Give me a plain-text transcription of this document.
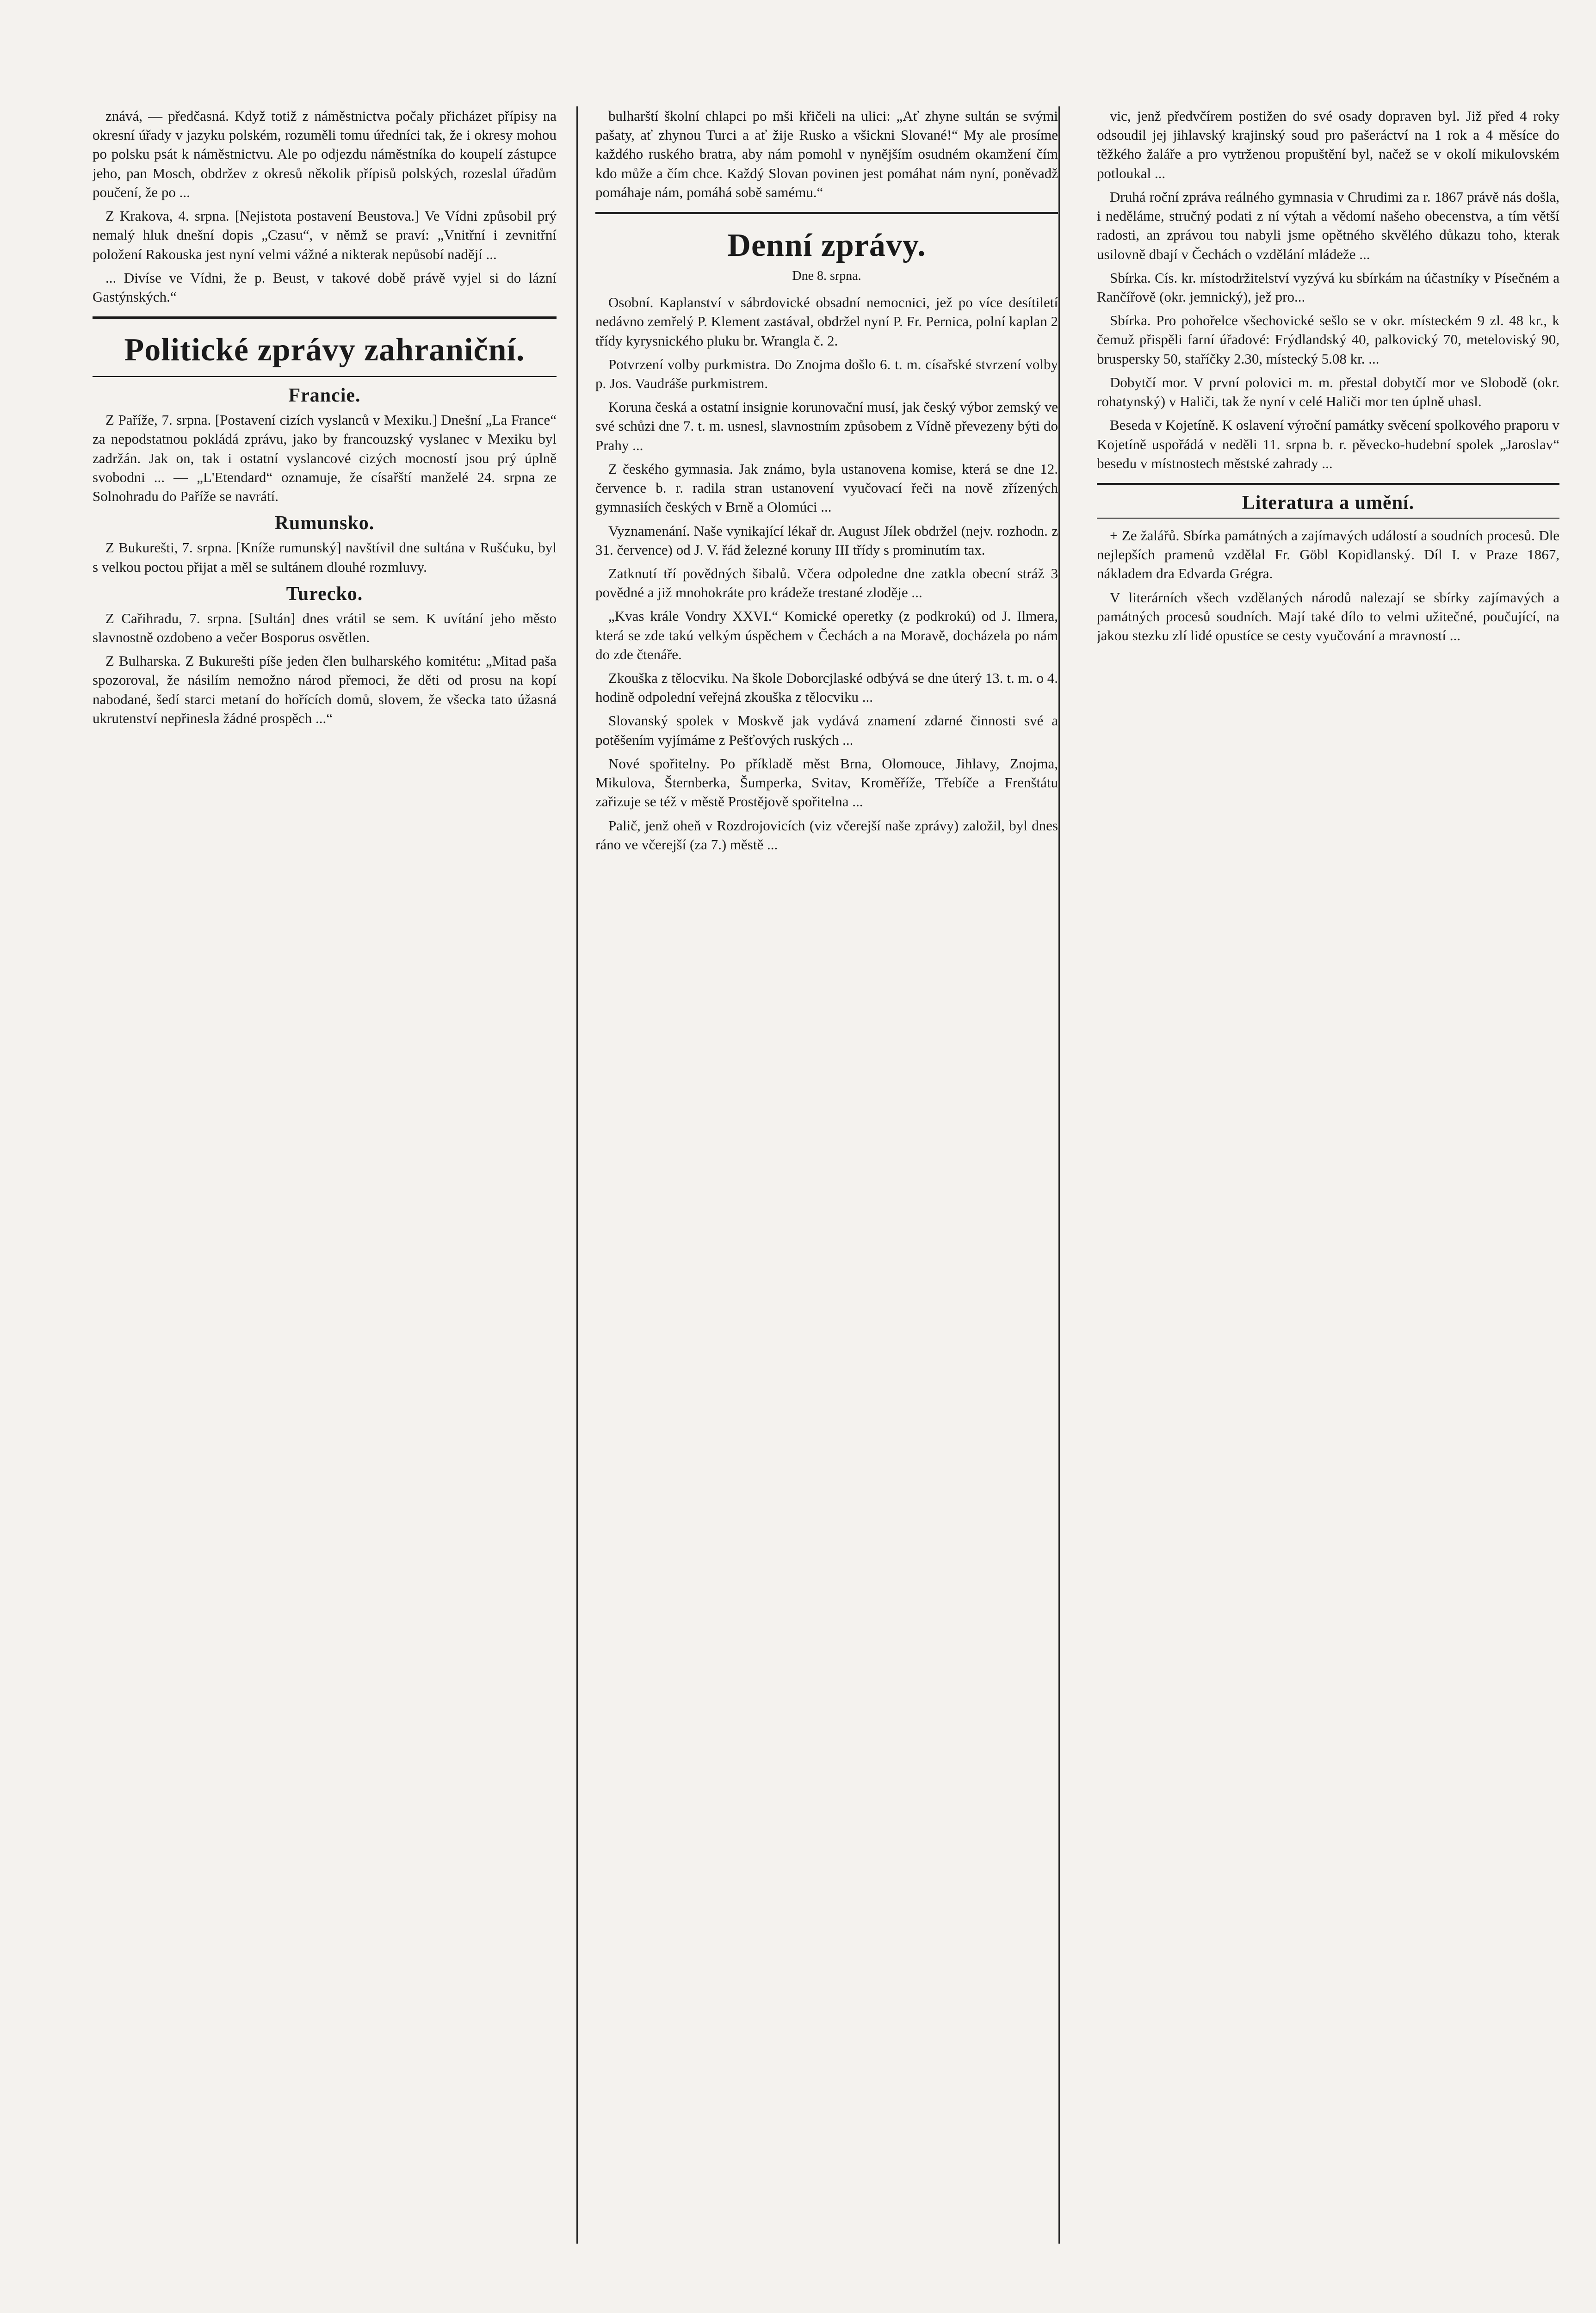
znává, — předčasná. Když totiž z náměstnictva počaly přicházet přípisy na okresní úřady v jazyku polském, rozuměli tomu úředníci tak, že i okresy mohou po polsku psát k náměstnictvu. Ale po odjezdu náměstníka do koupelí zástupce jeho, pan Mosch, obdržev z okresů několik přípisů polských, rozeslal úřadům poučení, že po ...

Z Krakova, 4. srpna. [Nejistota postavení Beustova.] Ve Vídni způsobil prý nemalý hluk dnešní dopis „Czasu“, v němž se praví: „Vnitřní i zevnitřní položení Rakouska jest nyní velmi vážné a nikterak nepůsobí nadějí ...

... Divíse ve Vídni, že p. Beust, v takové době právě vyjel si do lázní Gastýnských.“

Politické zprávy zahraniční.
Francie.

Z Paříže, 7. srpna. [Postavení cizích vyslanců v Mexiku.] Dnešní „La France“ za nepodstatnou pokládá zprávu, jako by francouzský vyslanec v Mexiku byl zadržán. Jak on, tak i ostatní vyslancové cizých mocností jsou prý úplně svobodni ... — „L'Etendard“ oznamuje, že císařští manželé 24. srpna ze Solnohradu do Paříže se navrátí.

Rumunsko.

Z Bukurešti, 7. srpna. [Kníže rumunský] navštívil dne sultána v Rušćuku, byl s velkou poctou přijat a měl se sultánem dlouhé rozmluvy.

Turecko.

Z Cařihradu, 7. srpna. [Sultán] dnes vrátil se sem. K uvítání jeho město slavnostně ozdobeno a večer Bosporus osvětlen.

Z Bulharska. Z Bukurešti píše jeden člen bulharského komitétu: „Mitad paša spozoroval, že násilím nemožno národ přemoci, že děti od prosu na kopí nabodané, šedí starci metaní do hořících domů, slovem, že všecka tato úžasná ukrutenství nepřinesla žádné prospěch ...“

bulharští školní chlapci po mši křičeli na ulici: „Ať zhyne sultán se svými pašaty, ať zhynou Turci a ať žije Rusko a všickni Slované!“ My ale prosíme každého ruského bratra, aby nám pomohl v nynějším osudném okamžení čím kdo může a čím chce. Každý Slovan povinen jest pomáhat nám nyní, poněvadž pomáhaje nám, pomáhá sobě samému.“

Denní zprávy.
Dne 8. srpna.

Osobní. Kaplanství v sábrdovické obsadní nemocnici, jež po více desítiletí nedávno zemřelý P. Klement zastával, obdržel nyní P. Fr. Pernica, polní kaplan 2 třídy kyrysnického pluku br. Wrangla č. 2.

Potvrzení volby purkmistra. Do Znojma došlo 6. t. m. císařské stvrzení volby p. Jos. Vaudráše purkmistrem.

Koruna česká a ostatní insignie korunovační musí, jak český výbor zemský ve své schůzi dne 7. t. m. usnesl, slavnostním způsobem z Vídně převezeny býti do Prahy ...

Z českého gymnasia. Jak známo, byla ustanovena komise, která se dne 12. července b. r. radila stran ustanovení vyučovací řeči na nově zřízených gymnasiích českých v Brně a Olomúci ...

Vyznamenání. Naše vynikající lékař dr. August Jílek obdržel (nejv. rozhodn. z 31. července) od J. V. řád železné koruny III třídy s prominutím tax.

Zatknutí tří povědných šibalů. Včera odpoledne dne zatkla obecní stráž 3 povědné a již mnohokráte pro krádeže trestané zloděje ...

„Kvas krále Vondry XXVI.“ Komické operetky (z podkrokú) od J. Ilmera, která se zde takú velkým úspěchem v Čechách a na Moravě, docházela po nám do zde čtenáře.

Zkouška z tělocviku. Na škole Doborcjlaské odbývá se dne úterý 13. t. m. o 4. hodině odpolední veřejná zkouška z tělocviku ...

Slovanský spolek v Moskvě jak vydává znamení zdarné činnosti své a potěšením vyjímáme z Pešťových ruských ...

Nové spořitelny. Po příkladě měst Brna, Olomouce, Jihlavy, Znojma, Mikulova, Šternberka, Šumperka, Svitav, Kroměříže, Třebíče a Frenštátu zařizuje se též v městě Prostějově spořitelna ...

Palič, jenž oheň v Rozdrojovicích (viz včerejší naše zprávy) založil, byl dnes ráno ve včerejší (za 7.) městě ...

vic, jenž předvčírem postižen do své osady dopraven byl. Již před 4 roky odsoudil jej jihlavský krajinský soud pro pašeráctví na 1 rok a 4 měsíce do těžkého žaláře a pro vytrženou propuštění byl, načež se v okolí mikulovském potloukal ...

Druhá roční zpráva reálného gymnasia v Chrudimi za r. 1867 právě nás došla, i neděláme, stručný podati z ní výtah a vědomí našeho obecenstva, a tím větší radosti, an zprávou tou nabyli jsme opětného skvělého důkazu toho, kterak usilovně dbají v Čechách o vzdělání mládeže ...

Sbírka. Cís. kr. místodržitelství vyzývá ku sbírkám na účastníky v Písečném a Rančířově (okr. jemnický), jež pro...

Sbírka. Pro pohořelce všechovické sešlo se v okr. místeckém 9 zl. 48 kr., k čemuž přispěli farní úřadové: Frýdlandský 40, palkovický 70, meteloviský 90, bruspersky 50, staříčky 2.30, místecký 5.08 kr. ...

Dobytčí mor. V první polovici m. m. přestal dobytčí mor ve Slobodě (okr. rohatynský) v Haliči, tak že nyní v celé Haliči mor ten úplně uhasl.

Beseda v Kojetíně. K oslavení výroční památky svěcení spolkového praporu v Kojetíně uspořádá v neděli 11. srpna b. r. pěvecko-hudební spolek „Jaroslav“ besedu v místnostech městské zahrady ...

Literatura a umění.

+ Ze žalářů. Sbírka památných a zajímavých událostí a soudních procesů. Dle nejlepších pramenů vzdělal Fr. Göbl Kopidlanský. Díl I. v Praze 1867, nákladem dra Edvarda Grégra.

V literárních všech vzdělaných národů nalezají se sbírky zajímavých a památných procesů soudních. Mají také dílo to velmi užitečné, poučující, na jakou stezku zlí lidé opustíce se cesty vyučování a mravností ...
